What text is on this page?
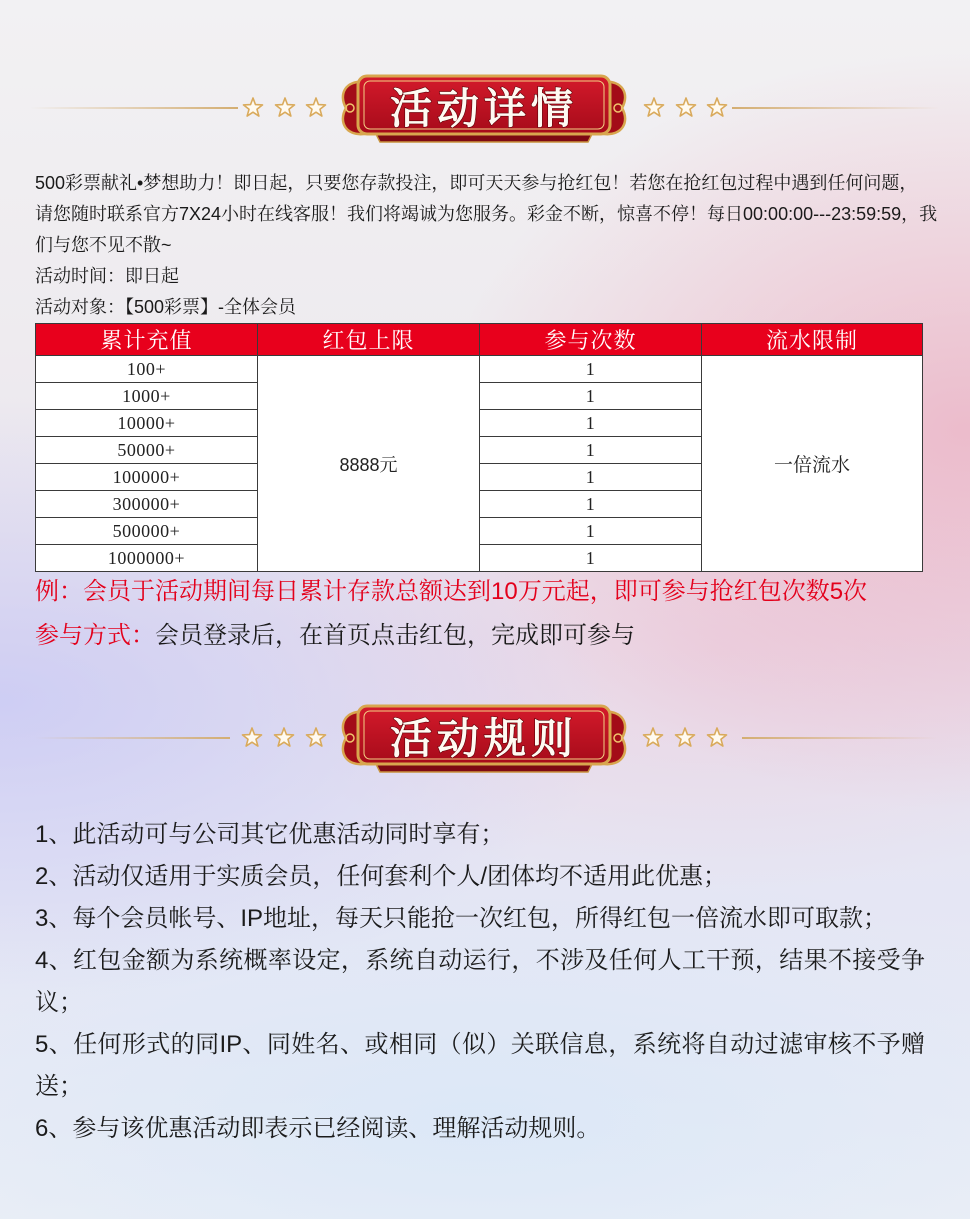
活动详情
500彩票献礼•梦想助力！即日起，只要您存款投注，即可天天参与抢红包！若您在抢红包过程中遇到任何问题，
请您随时联系官方7X24小时在线客服！我们将竭诚为您服务。彩金不断，惊喜不停！每日00:00:00---23:59:59，我
们与您不见不散~
活动时间：即日起
活动对象：【500彩票】-全体会员
累计充值	红包上限	参与次数	流水限制
100+	8888元	1	一倍流水
1000+		1	
10000+		1	
50000+		1	
100000+		1	
300000+		1	
500000+		1	
1000000+		1	
例：会员于活动期间每日累计存款总额达到10万元起，即可参与抢红包次数5次
参与方式：会员登录后，在首页点击红包，完成即可参与
活动规则

1、此活动可与公司其它优惠活动同时享有；

2、活动仅适用于实质会员，任何套利个人/团体均不适用此优惠；

3、每个会员帐号、IP地址，每天只能抢一次红包，所得红包一倍流水即可取款；

4、红包金额为系统概率设定，系统自动运行，不涉及任何人工干预，结果不接受争议；

5、任何形式的同IP、同姓名、或相同（似）关联信息，系统将自动过滤审核不予赠送；

6、参与该优惠活动即表示已经阅读、理解活动规则。
